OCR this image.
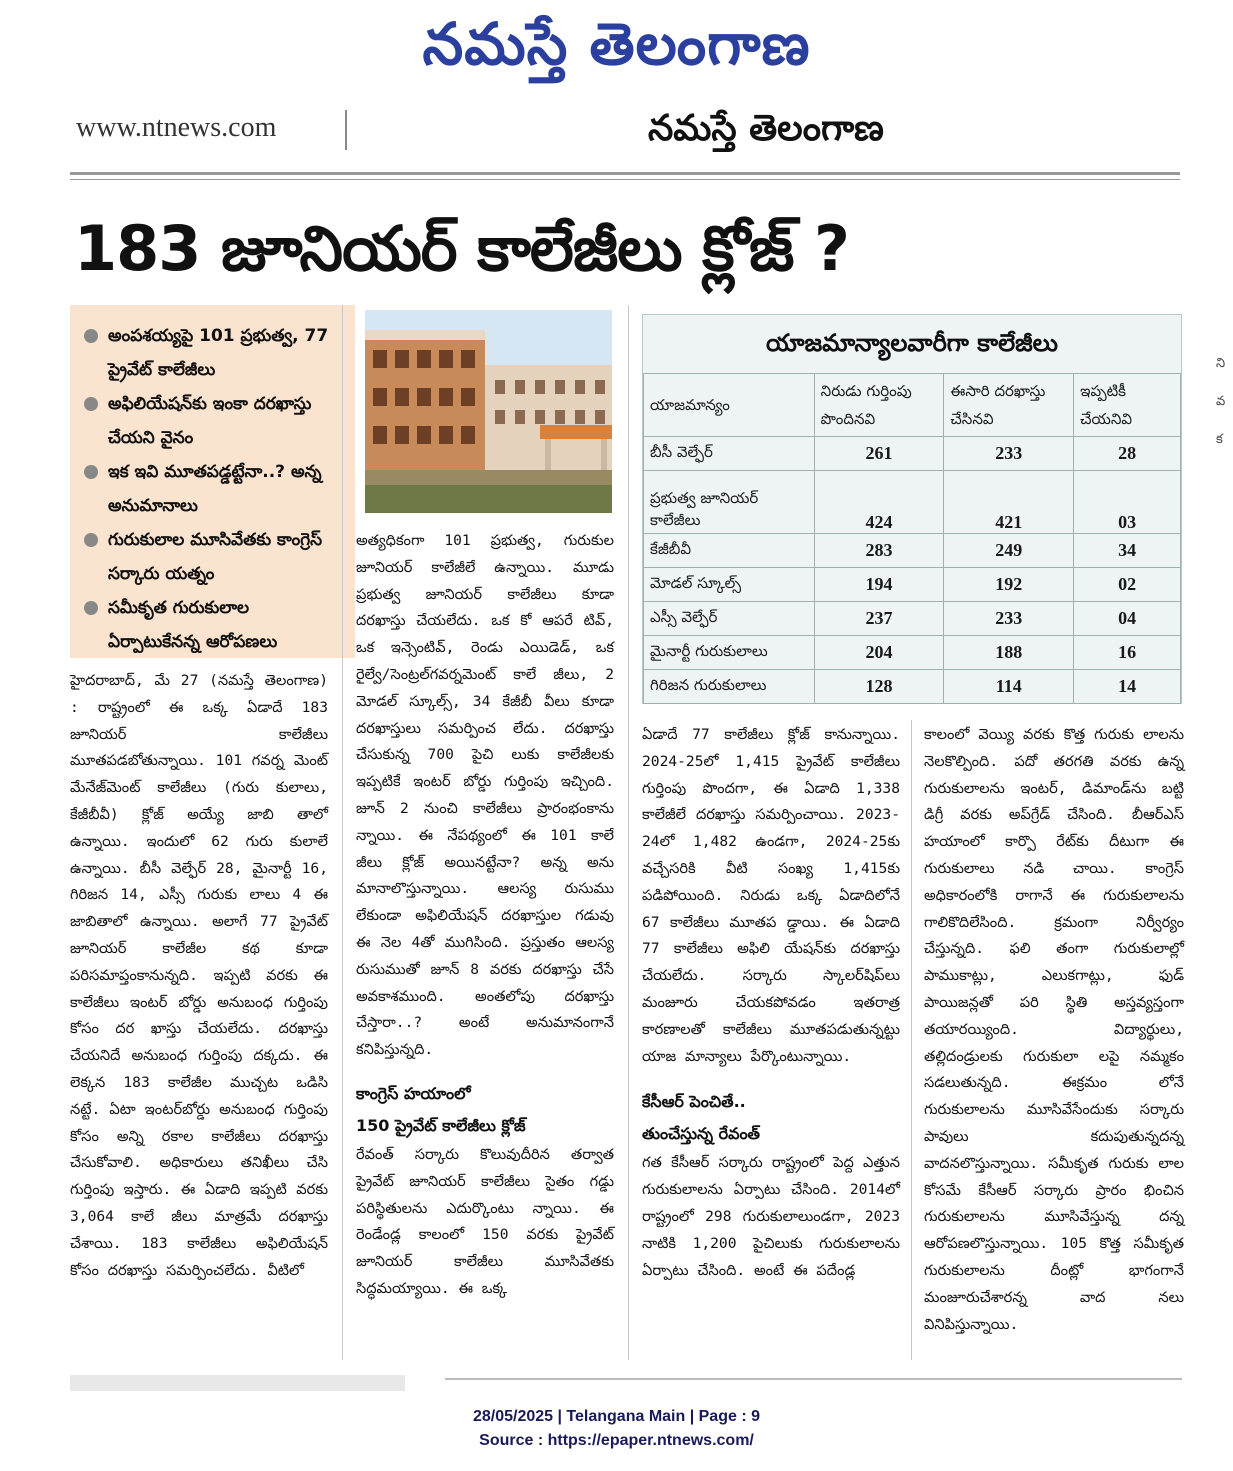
నమస్తే తెలంగాణ
www.ntnews.com	నమస్తే తెలంగాణ
183 జూనియర్ కాలేజీలు క్లోజ్ ?
అంపశయ్యపై 101 ప్రభుత్వ, 77 ప్రైవేట్ కాలేజీలు
అఫిలియేషన్‌కు ఇంకా దరఖాస్తు చేయని వైనం
ఇక ఇవి మూతపడ్డట్టేనా..? అన్న అనుమానాలు
గురుకులాల మూసివేతకు కాంగ్రెస్ సర్కారు యత్నం
సమీకృత గురుకులాల ఏర్పాటుకేనన్న ఆరోపణలు

హైదరాబాద్, మే 27 (నమస్తే తెలంగాణ) : రాష్ట్రంలో ఈ ఒక్క ఏడాదే 183 జూనియర్ కాలేజీలు మూతపడబోతున్నాయి. 101 గవర్న మెంట్ మేనేజ్‌మెంట్ కాలేజీలు (గురు కులాలు, కేజీబీవీ) క్లోజ్ అయ్యే జాబి తాలో ఉన్నాయి. ఇందులో 62 గురు కులాలే ఉన్నాయి. బీసీ వెల్ఫేర్ 28, మైనార్టీ 16, గిరిజన 14, ఎస్సీ గురుకు లాలు 4 ఈ జాబితాలో ఉన్నాయి. అలాగే 77 ప్రైవేట్ జూనియర్ కాలేజీల కథ కూడా పరిసమాప్తంకానున్నది. ఇప్పటి వరకు ఈ కాలేజీలు ఇంటర్ బోర్డు అనుబంధ గుర్తింపు కోసం దర ఖాస్తు చేయలేదు. దరఖాస్తు చేయనిదే అనుబంధ గుర్తింపు దక్కదు. ఈ లెక్కన 183 కాలేజీల ముచ్చట ఒడిసి నట్టే. ఏటా ఇంటర్‌బోర్డు అనుబంధ గుర్తింపు కోసం అన్ని రకాల కాలేజీలు దరఖాస్తు చేసుకోవాలి. అధికారులు తనిఖీలు చేసి గుర్తింపు ఇస్తారు. ఈ ఏడాది ఇప్పటి వరకు 3,064 కాలే జీలు మాత్రమే దరఖాస్తు చేశాయి. 183 కాలేజీలు అఫిలియేషన్ కోసం దరఖాస్తు సమర్పించలేదు. వీటిలో

అత్యధికంగా 101 ప్రభుత్వ, గురుకుల జూనియర్ కాలేజీలే ఉన్నాయి. మూడు ప్రభుత్వ జూనియర్ కాలేజీలు కూడా దరఖాస్తు చేయలేదు. ఒక కో ఆపరే టివ్, ఒక ఇన్సెంటివ్, రెండు ఎయిడెడ్, ఒక రైల్వే/సెంట్రల్‌గవర్నమెంట్ కాలే జీలు, 2 మోడల్ స్కూల్స్, 34 కేజీబీ వీలు కూడా దరఖాస్తులు సమర్పించ లేదు. దరఖాస్తు చేసుకున్న 700 పైచి లుకు కాలేజీలకు ఇప్పటికే ఇంటర్ బోర్డు గుర్తింపు ఇచ్చింది. జూన్ 2 నుంచి కాలేజీలు ప్రారంభంకాను న్నాయి. ఈ నేపథ్యంలో ఈ 101 కాలే జీలు క్లోజ్ అయినట్టేనా? అన్న అను మానాలొస్తున్నాయి. ఆలస్య రుసుము లేకుండా అఫిలియేషన్ దరఖాస్తుల గడువు ఈ నెల 4తో ముగిసింది. ప్రస్తుతం ఆలస్య రుసుముతో జూన్ 8 వరకు దరఖాస్తు చేసే అవకాశముంది. అంతలోపు దరఖాస్తు చేస్తారా..? అంటే అనుమానంగానే కనిపిస్తున్నది.

కాంగ్రెస్ హయాంలో
150 ప్రైవేట్ కాలేజీలు క్లోజ్

రేవంత్ సర్కారు కొలువుదీరిన తర్వాత ప్రైవేట్ జూనియర్ కాలేజీలు సైతం గడ్డు పరిస్థితులను ఎదుర్కొంటు న్నాయి. ఈ రెండేండ్ల కాలంలో 150 వరకు ప్రైవేట్ జూనియర్ కాలేజీలు మూసివేతకు సిద్ధమయ్యాయి. ఈ ఒక్క

యాజమాన్యాలవారీగా కాలేజీలు
యాజమాన్యం	నిరుడు గుర్తింపు పొందినవి	ఈసారి దరఖాస్తు చేసినవి	ఇప్పటికీ చేయనివి
బీసీ వెల్ఫేర్	261	233	28
ప్రభుత్వ జూనియర్ కాలేజీలు	424	421	03
కేజీబీవీ	283	249	34
మోడల్ స్కూల్స్	194	192	02
ఎస్సీ వెల్ఫేర్	237	233	04
మైనార్టీ గురుకులాలు	204	188	16
గిరిజన గురుకులాలు	128	114	14

ఏడాదే 77 కాలేజీలు క్లోజ్ కానున్నాయి. 2024-25లో 1,415 ప్రైవేట్ కాలేజీలు గుర్తింపు పొందగా, ఈ ఏడాది 1,338 కాలేజీలే దరఖాస్తు సమర్పించాయి. 2023-24లో 1,482 ఉండగా, 2024-25కు వచ్చేసరికి వీటి సంఖ్య 1,415కు పడిపోయింది. నిరుడు ఒక్క ఏడాదిలోనే 67 కాలేజీలు మూతప డ్డాయి. ఈ ఏడాది 77 కాలేజీలు అఫిలి యేషన్‌కు దరఖాస్తు చేయలేదు. సర్కారు స్కాలర్‌షిప్‌లు మంజూరు చేయకపోవడం ఇతరాత్ర కారణాలతో కాలేజీలు మూతపడుతున్నట్టు యాజ మాన్యాలు పేర్కొంటున్నాయి.

కేసీఆర్ పెంచితే..
తుంచేస్తున్న రేవంత్

గత కేసీఆర్ సర్కారు రాష్ట్రంలో పెద్ద ఎత్తున గురుకులాలను ఏర్పాటు చేసింది. 2014లో రాష్ట్రంలో 298 గురుకులాలుండగా, 2023 నాటికి 1,200 పైచిలుకు గురుకులాలను ఏర్పాటు చేసింది. అంటే ఈ పదేండ్ల

కాలంలో వెయ్యి వరకు కొత్త గురుకు లాలను నెలకొల్పింది. పదో తరగతి వరకు ఉన్న గురుకులాలను ఇంటర్, డిమాండ్‌ను బట్టి డిగ్రీ వరకు అప్‌గ్రేడ్ చేసింది. బీఆర్‌ఎస్ హయాంలో కార్పొ రేట్‌కు దీటుగా ఈ గురుకులాలు నడి చాయి. కాంగ్రెస్ అధికారంలోకి రాగానే ఈ గురుకులాలను గాలికొదిలేసింది. క్రమంగా నిర్వీర్యం చేస్తున్నది. ఫలి తంగా గురుకులాల్లో పాముకాట్లు, ఎలుకగాట్లు, ఫుడ్ పాయిజన్లతో పరి స్థితి అస్తవ్యస్తంగా తయారయ్యింది. విద్యార్థులు, తల్లిదండ్రులకు గురుకులా లపై నమ్మకం సడలుతున్నది. ఈక్రమం లోనే గురుకులాలను మూసివేసేందుకు సర్కారు పావులు కదుపుతున్నదన్న వాదనలొస్తున్నాయి. సమీకృత గురుకు లాల కోసమే కేసీఆర్ సర్కారు ప్రారం భించిన గురుకులాలను మూసివేస్తున్న దన్న ఆరోపణలొస్తున్నాయి. 105 కొత్త సమీకృత గురుకులాలను దీంట్లో భాగంగానే మంజూరుచేశారన్న వాద నలు వినిపిస్తున్నాయి.

ని
వ
క
28/05/2025 | Telangana Main | Page : 9
Source : https://epaper.ntnews.com/
